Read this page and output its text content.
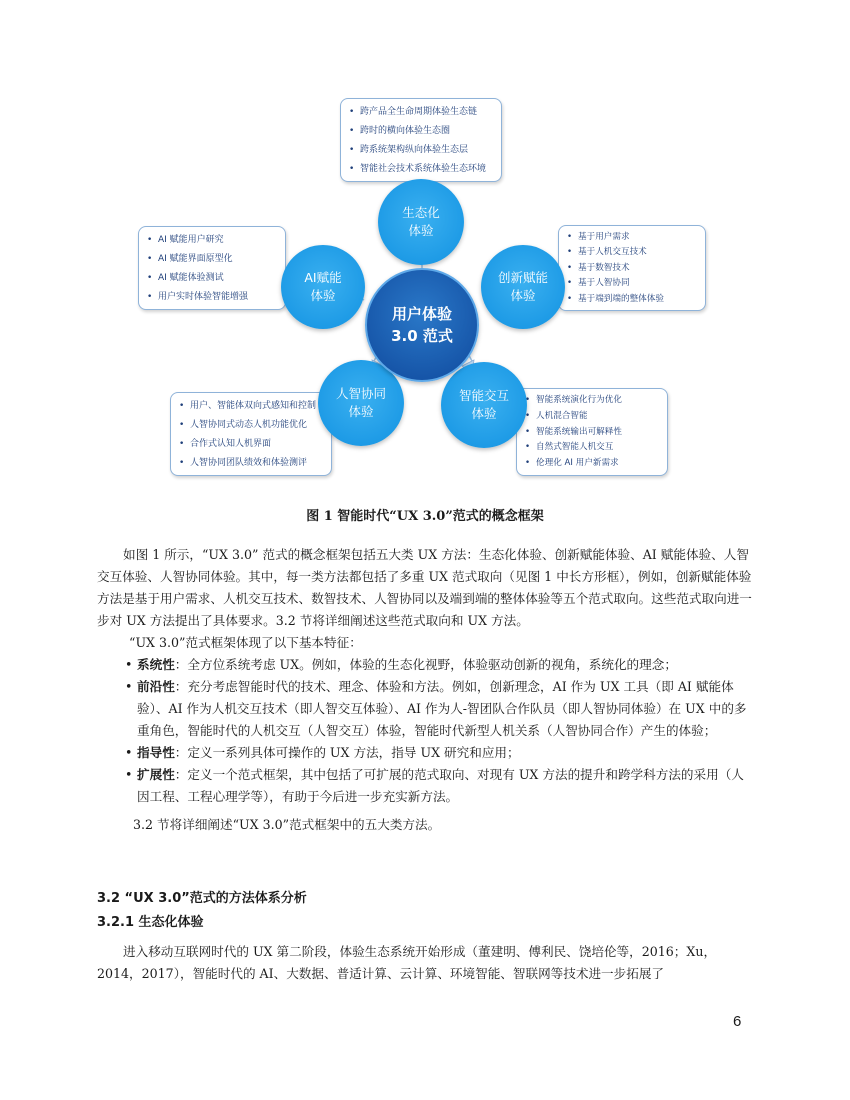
• 跨产品全生命周期体验生态链
• 跨时的横向体验生态圈
• 跨系统架构纵向体验生态层
• 智能社会技术系统体验生态环境
• AI 赋能用户研究
• AI 赋能界面原型化
• AI 赋能体验测试
• 用户实时体验智能增强
• 基于用户需求
• 基于人机交互技术
• 基于数智技术
• 基于人智协同
• 基于端到端的整体体验
• 用户、智能体双向式感知和控制
• 人智协同式动态人机功能优化
• 合作式认知人机界面
• 人智协同团队绩效和体验测评
• 智能系统演化行为优化
• 人机混合智能
• 智能系统输出可解释性
• 自然式智能人机交互
• 伦理化 AI 用户新需求
生态化
体验
创新赋能
体验
智能交互
体验
人智协同
体验
AI赋能
体验
用户体验
3.0 范式
图 1 智能时代“UX 3.0”范式的概念框架

如图 1 所示，“UX 3.0” 范式的概念框架包括五大类 UX 方法：生态化体验、创新赋能体验、AI 赋能体验、人智交互体验、人智协同体验。其中，每一类方法都包括了多重 UX 范式取向（见图 1 中长方形框），例如，创新赋能体验方法是基于用户需求、人机交互技术、数智技术、人智协同以及端到端的整体体验等五个范式取向。这些范式取向进一步对 UX 方法提出了具体要求。3.2 节将详细阐述这些范式取向和 UX 方法。

“UX 3.0”范式框架体现了以下基本特征：

• 系统性：全方位系统考虑 UX。例如，体验的生态化视野，体验驱动创新的视角，系统化的理念；
• 前沿性：充分考虑智能时代的技术、理念、体验和方法。例如，创新理念，AI 作为 UX 工具（即 AI 赋能体验）、AI 作为人机交互技术（即人智交互体验）、AI 作为人-智团队合作队员（即人智协同体验）在 UX 中的多重角色，智能时代的人机交互（人智交互）体验，智能时代新型人机关系（人智协同合作）产生的体验；
• 指导性：定义一系列具体可操作的 UX 方法，指导 UX 研究和应用；
• 扩展性：定义一个范式框架，其中包括了可扩展的范式取向、对现有 UX 方法的提升和跨学科方法的采用（人因工程、工程心理学等），有助于今后进一步充实新方法。

3.2 节将详细阐述“UX 3.0”范式框架中的五大类方法。

3.2 “UX 3.0”范式的方法体系分析
3.2.1 生态化体验

进入移动互联网时代的 UX 第二阶段，体验生态系统开始形成（董建明、傅利民、饶培伦等，2016；Xu，2014，2017），智能时代的 AI、大数据、普适计算、云计算、环境智能、智联网等技术进一步拓展了

6
